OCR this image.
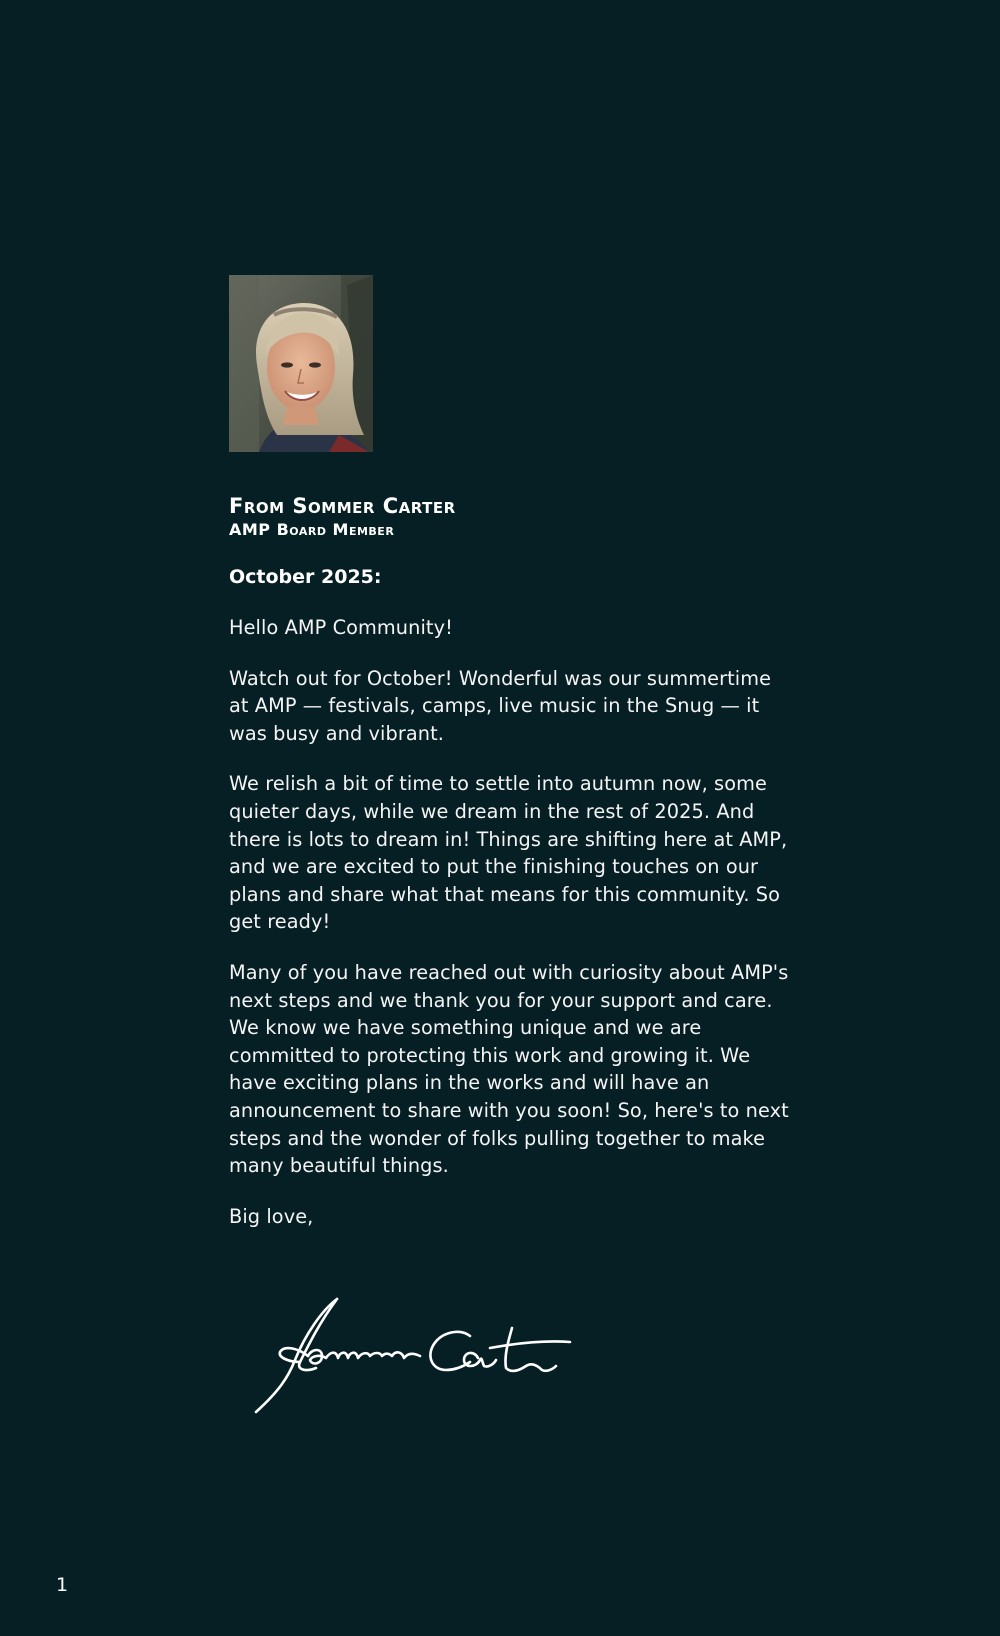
From Sommer Carter
AMP Board Member

October 2025:

Hello AMP Community!

Watch out for October! Wonderful was our summertime at AMP — festivals, camps, live music in the Snug — it was busy and vibrant.

We relish a bit of time to settle into autumn now, some quieter days, while we dream in the rest of 2025. And there is lots to dream in! Things are shifting here at AMP, and we are excited to put the finishing touches on our plans and share what that means for this community. So get ready!

Many of you have reached out with curiosity about AMP's next steps and we thank you for your support and care. We know we have something unique and we are committed to protecting this work and growing it. We have exciting plans in the works and will have an announcement to share with you soon! So, here's to next steps and the wonder of folks pulling together to make many beautiful things.

Big love,

1
